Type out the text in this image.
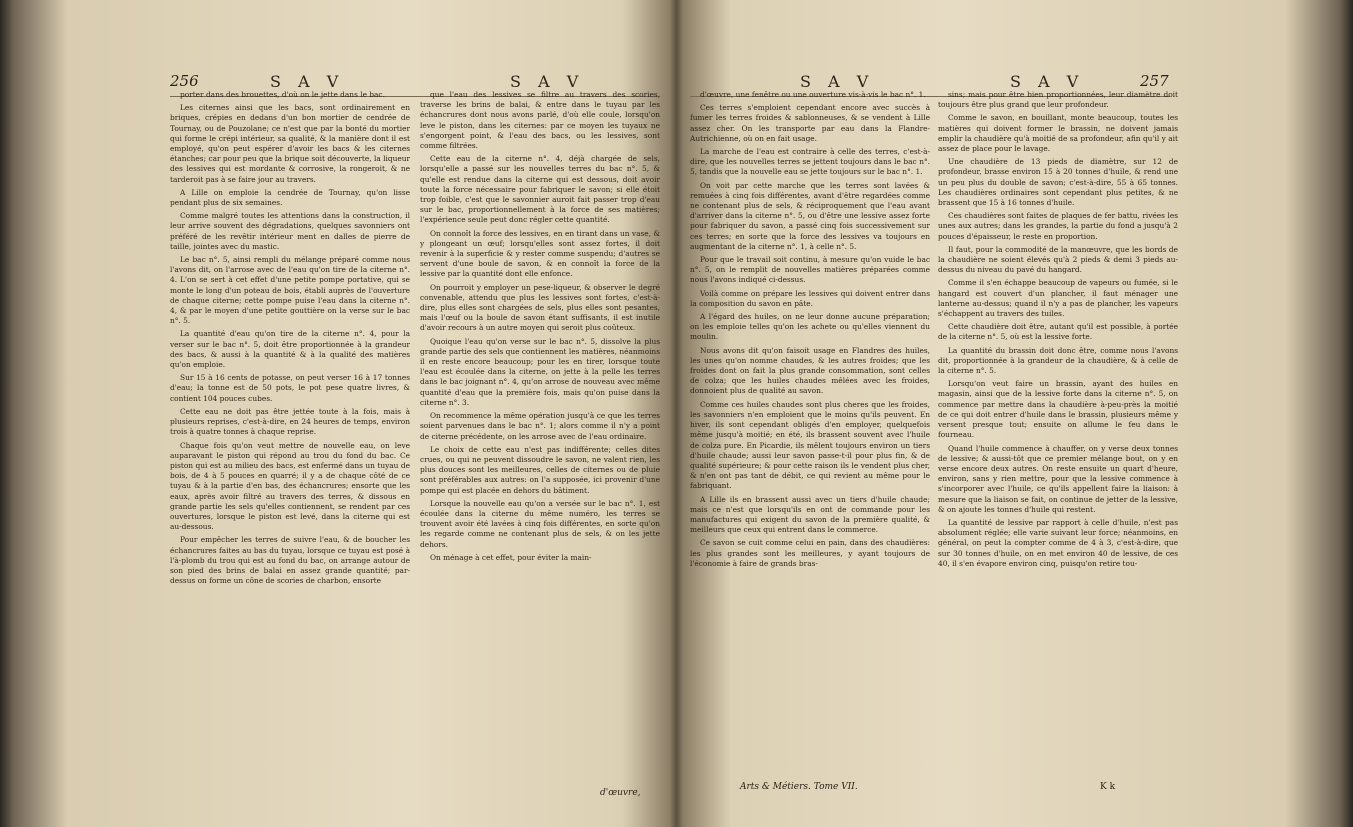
256	S A V	S A V

porter dans des brouettes, d'où on le jette dans le bac.

Les citernes ainsi que les bacs, sont ordinairement en briques, crépies en dedans d'un bon mortier de cendrée de Tournay, ou de Pouzolane; ce n'est que par la bonté du mortier qui forme le crépi intérieur, sa qualité, & la manière dont il est employé, qu'on peut espérer d'avoir les bacs & les citernes étanches; car pour peu que la brique soit découverte, la liqueur des lessives qui est mordante & corrosive, la rongeroit, & ne tarderoit pas à se faire jour au travers.

A Lille on emploie la cendrée de Tournay, qu'on lisse pendant plus de six semaines.

Comme malgré toutes les attentions dans la construction, il leur arrive souvent des dégradations, quelques savonniers ont préféré de les revêtir intérieur ment en dalles de pierre de taille, jointes avec du mastic.

Le bac n°. 5, ainsi rempli du mélange préparé comme nous l'avons dit, on l'arrose avec de l'eau qu'on tire de la citerne n°. 4. L'on se sert à cet effet d'une petite pompe portative, qui se monte le long d'un poteau de bois, établi auprès de l'ouverture de chaque citerne; cette pompe puise l'eau dans la citerne n°. 4, & par le moyen d'une petite gouttière on la verse sur le bac n°. 5.

La quantité d'eau qu'on tire de la citerne n°. 4, pour la verser sur le bac n°. 5, doit être proportionnée à la grandeur des bacs, & aussi à la quantité & à la qualité des matières qu'on emploie.

Sur 15 à 16 cents de potasse, on peut verser 16 à 17 tonnes d'eau; la tonne est de 50 pots, le pot pese quatre livres, & contient 104 pouces cubes.

Cette eau ne doit pas être jettée toute à la fois, mais à plusieurs reprises, c'est-à-dire, en 24 heures de temps, environ trois à quatre tonnes à chaque reprise.

Chaque fois qu'on veut mettre de nouvelle eau, on leve auparavant le piston qui répond au trou du fond du bac. Ce piston qui est au milieu des bacs, est enfermé dans un tuyau de bois, de 4 à 5 pouces en quarré; il y a de chaque côté de ce tuyau & à la partie d'en bas, des échancrures; ensorte que les eaux, après avoir filtré au travers des terres, & dissous en grande partie les sels qu'elles contiennent, se rendent par ces ouvertures, lorsque le piston est levé, dans la citerne qui est au-dessous.

Pour empêcher les terres de suivre l'eau, & de boucher les échancrures faites au bas du tuyau, lorsque ce tuyau est posé à l'à-plomb du trou qui est au fond du bac, on arrange autour de son pied des brins de balai en assez grande quantité; par-dessus on forme un cône de scories de charbon, ensorte

que l'eau des lessives se filtre au travers des scories, traverse les brins de balai, & entre dans le tuyau par les échancrures dont nous avons parlé, d'où elle coule, lorsqu'on leve le piston, dans les citernes: par ce moyen les tuyaux ne s'engorgent point, & l'eau des bacs, ou les lessives, sont comme filtrées.

Cette eau de la citerne n°. 4, déjà chargée de sels, lorsqu'elle a passé sur les nouvelles terres du bac n°. 5, & qu'elle est rendue dans la citerne qui est dessous, doit avoir toute la force nécessaire pour fabriquer le savon; si elle étoit trop foible, c'est que le savonnier auroit fait passer trop d'eau sur le bac, proportionnellement à la force de ses matières; l'expérience seule peut donc régler cette quantité.

On connoît la force des lessives, en en tirant dans un vase, & y plongeant un œuf; lorsqu'elles sont assez fortes, il doit revenir à la superficie & y rester comme suspendu; d'autres se servent d'une boule de savon, & en connoît la force de la lessive par la quantité dont elle enfonce.

On pourroit y employer un pese-liqueur, & observer le degré convenable, attendu que plus les lessives sont fortes, c'est-à-dire, plus elles sont chargées de sels, plus elles sont pesantes, mais l'œuf ou la boule de savon étant suffisants, il est inutile d'avoir recours à un autre moyen qui seroit plus coûteux.

Quoique l'eau qu'on verse sur le bac n°. 5, dissolve la plus grande partie des sels que contiennent les matières, néanmoins il en reste encore beaucoup; pour les en tirer, lorsque toute l'eau est écoulée dans la citerne, on jette à la pelle les terres dans le bac joignant n°. 4, qu'on arrose de nouveau avec même quantité d'eau que la première fois, mais qu'on puise dans la citerne n°. 3.

On recommence la même opération jusqu'à ce que les terres soient parvenues dans le bac n°. 1; alors comme il n'y a point de citerne précédente, on les arrose avec de l'eau ordinaire.

Le choix de cette eau n'est pas indifférente; celles dites crues, ou qui ne peuvent dissoudre le savon, ne valent rien, les plus douces sont les meilleures, celles de citernes ou de pluie sont préférables aux autres: on l'a supposée, ici provenir d'une pompe qui est placée en dehors du bâtiment.

Lorsque la nouvelle eau qu'on a versée sur le bac n°. 1, est écoulée dans la citerne du même numéro, les terres se trouvent avoir été lavées à cinq fois différentes, en sorte qu'on les regarde comme ne contenant plus de sels, & on les jette dehors.

On ménage à cet effet, pour éviter la main-

d'œuvre,
S A V	S A V	257

d'œuvre, une fenêtre ou une ouverture vis-à-vis le bac n°. 1.

Ces terres s'emploient cependant encore avec succès à fumer les terres froides & sablonneuses, & se vendent à Lille assez cher. On les transporte par eau dans la Flandre-Autrichienne, où on en fait usage.

La marche de l'eau est contraire à celle des terres, c'est-à-dire, que les nouvelles terres se jettent toujours dans le bac n°. 5, tandis que la nouvelle eau se jette toujours sur le bac n°. 1.

On voit par cette marche que les terres sont lavées & remuées à cinq fois différentes, avant d'être regardées comme ne contenant plus de sels, & réciproquement que l'eau avant d'arriver dans la citerne n°. 5, ou d'être une lessive assez forte pour fabriquer du savon, a passé cinq fois successivement sur ces terres; en sorte que la force des lessives va toujours en augmentant de la citerne n°. 1, à celle n°. 5.

Pour que le travail soit continu, à mesure qu'on vuide le bac n°. 5, on le remplit de nouvelles matières préparées comme nous l'avons indiqué ci-dessus.

Voilà comme on prépare les lessives qui doivent entrer dans la composition du savon en pâte.

A l'égard des huiles, on ne leur donne aucune préparation; on les emploie telles qu'on les achete ou qu'elles viennent du moulin.

Nous avons dit qu'on faisoit usage en Flandres des huiles, les unes qu'on nomme chaudes, & les autres froides; que les froides dont on fait la plus grande consommation, sont celles de colza; que les huiles chaudes mêlées avec les froides, donnoient plus de qualité au savon.

Comme ces huiles chaudes sont plus cheres que les froides, les savonniers n'en emploient que le moins qu'ils peuvent. En hiver, ils sont cependant obligés d'en employer, quelquefois même jusqu'à moitié; en été, ils brassent souvent avec l'huile de colza pure. En Picardie, ils mêlent toujours environ un tiers d'huile chaude; aussi leur savon passe-t-il pour plus fin, & de qualité supérieure; & pour cette raison ils le vendent plus cher, & n'en ont pas tant de débit, ce qui revient au même pour le fabriquant.

A Lille ils en brassent aussi avec un tiers d'huile chaude; mais ce n'est que lorsqu'ils en ont de commande pour les manufactures qui exigent du savon de la première qualité, & meilleurs que ceux qui entrent dans le commerce.

Ce savon se cuit comme celui en pain, dans des chaudières: les plus grandes sont les meilleures, y ayant toujours de l'économie à faire de grands bras-

sins; mais pour être bien proportionnées, leur diamètre doit toujours être plus grand que leur profondeur.

Comme le savon, en bouillant, monte beaucoup, toutes les matières qui doivent former le brassin, ne doivent jamais emplir la chaudière qu'à moitié de sa profondeur, afin qu'il y ait assez de place pour le lavage.

Une chaudière de 13 pieds de diamètre, sur 12 de profondeur, brasse environ 15 à 20 tonnes d'huile, & rend une un peu plus du double de savon; c'est-à-dire, 55 à 65 tonnes. Les chaudières ordinaires sont cependant plus petites, & ne brassent que 15 à 16 tonnes d'huile.

Ces chaudières sont faites de plaques de fer battu, rivées les unes aux autres; dans les grandes, la partie du fond a jusqu'à 2 pouces d'épaisseur, le reste en proportion.

Il faut, pour la commodité de la manœuvre, que les bords de la chaudière ne soient élevés qu'à 2 pieds & demi 3 pieds au-dessus du niveau du pavé du hangard.

Comme il s'en échappe beaucoup de vapeurs ou fumée, si le hangard est couvert d'un plancher, il faut ménager une lanterne au-dessus; quand il n'y a pas de plancher, les vapeurs s'échappent au travers des tuiles.

Cette chaudière doit être, autant qu'il est possible, à portée de la citerne n°. 5, où est la lessive forte.

La quantité du brassin doit donc être, comme nous l'avons dit, proportionnée à la grandeur de la chaudière, & à celle de la citerne n°. 5.

Lorsqu'on veut faire un brassin, ayant des huiles en magasin, ainsi que de la lessive forte dans la citerne n°. 5, on commence par mettre dans la chaudière à-peu-près la moitié de ce qui doit entrer d'huile dans le brassin, plusieurs même y versent presque tout; ensuite on allume le feu dans le fourneau.

Quand l'huile commence à chauffer, on y verse deux tonnes de lessive; & aussi-tôt que ce premier mélange bout, on y en verse encore deux autres. On reste ensuite un quart d'heure, environ, sans y rien mettre, pour que la lessive commence à s'incorporer avec l'huile, ce qu'ils appellent faire la liaison: à mesure que la liaison se fait, on continue de jetter de la lessive, & on ajoute les tonnes d'huile qui restent.

La quantité de lessive par rapport à celle d'huile, n'est pas absolument réglée; elle varie suivant leur force; néanmoins, en général, on peut la compter comme de 4 à 3, c'est-à-dire, que sur 30 tonnes d'huile, on en met environ 40 de lessive, de ces 40, il s'en évapore environ cinq, puisqu'on retire tou-

Arts & Métiers. Tome VII.	K k
